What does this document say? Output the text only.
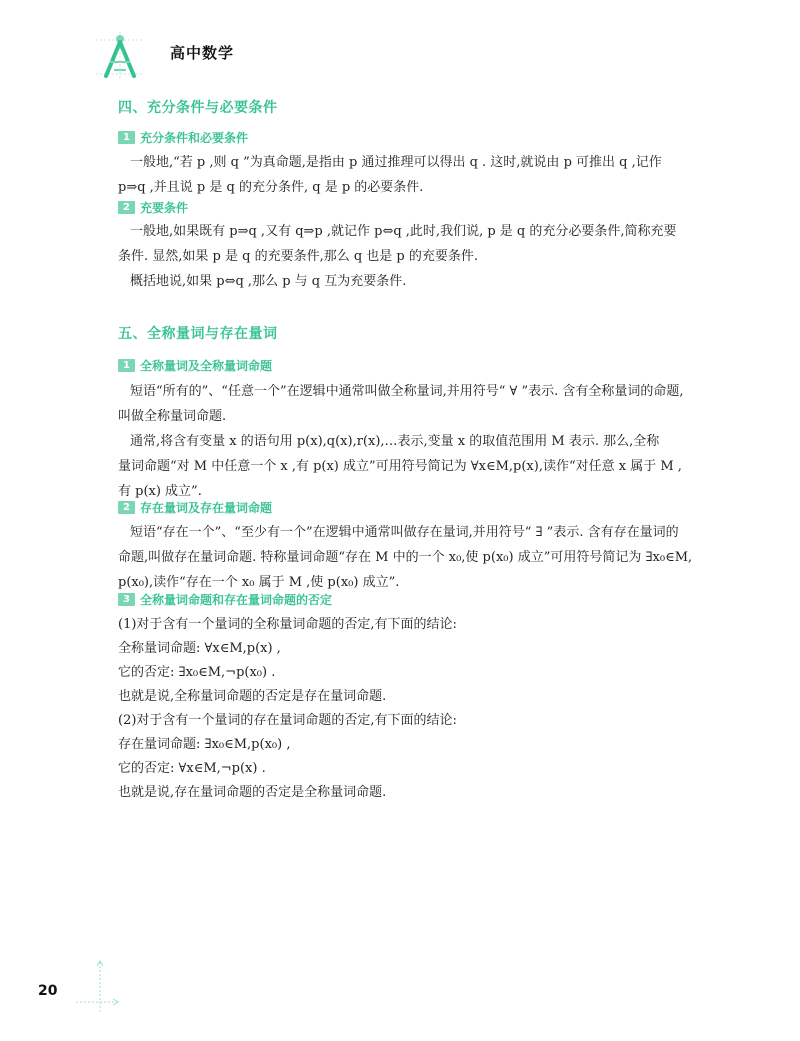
高中数学
四、充分条件与必要条件
1 充分条件和必要条件
一般地,“若 p ,则 q ”为真命题,是指由 p 通过推理可以得出 q . 这时,就说由 p 可推出 q ,记作
p⇒q ,并且说 p 是 q 的充分条件, q 是 p 的必要条件.
2 充要条件
一般地,如果既有 p⇒q ,又有 q⇒p ,就记作 p⇔q ,此时,我们说, p 是 q 的充分必要条件,简称充要
条件. 显然,如果 p 是 q 的充要条件,那么 q 也是 p 的充要条件.
概括地说,如果 p⇔q ,那么 p 与 q 互为充要条件.
五、全称量词与存在量词
1 全称量词及全称量词命题
短语“所有的”、“任意一个”在逻辑中通常叫做全称量词,并用符号“ ∀ ”表示. 含有全称量词的命题,
叫做全称量词命题.
通常,将含有变量 x 的语句用 p(x),q(x),r(x),…表示,变量 x 的取值范围用 M 表示. 那么,全称
量词命题“对 M 中任意一个 x ,有 p(x) 成立”可用符号简记为 ∀x∈M,p(x),读作“对任意 x 属于 M ,
有 p(x) 成立”.
2 存在量词及存在量词命题
短语“存在一个”、“至少有一个”在逻辑中通常叫做存在量词,并用符号“ ∃ ”表示. 含有存在量词的
命题,叫做存在量词命题. 特称量词命题“存在 M 中的一个 x₀,使 p(x₀) 成立”可用符号简记为 ∃x₀∈M,
p(x₀),读作“存在一个 x₀ 属于 M ,使 p(x₀) 成立”.
3 全称量词命题和存在量词命题的否定
(1)对于含有一个量词的全称量词命题的否定,有下面的结论:
全称量词命题: ∀x∈M,p(x) ,
它的否定: ∃x₀∈M,¬p(x₀) .
也就是说,全称量词命题的否定是存在量词命题.
(2)对于含有一个量词的存在量词命题的否定,有下面的结论:
存在量词命题: ∃x₀∈M,p(x₀) ,
它的否定: ∀x∈M,¬p(x) .
也就是说,存在量词命题的否定是全称量词命题.
20
